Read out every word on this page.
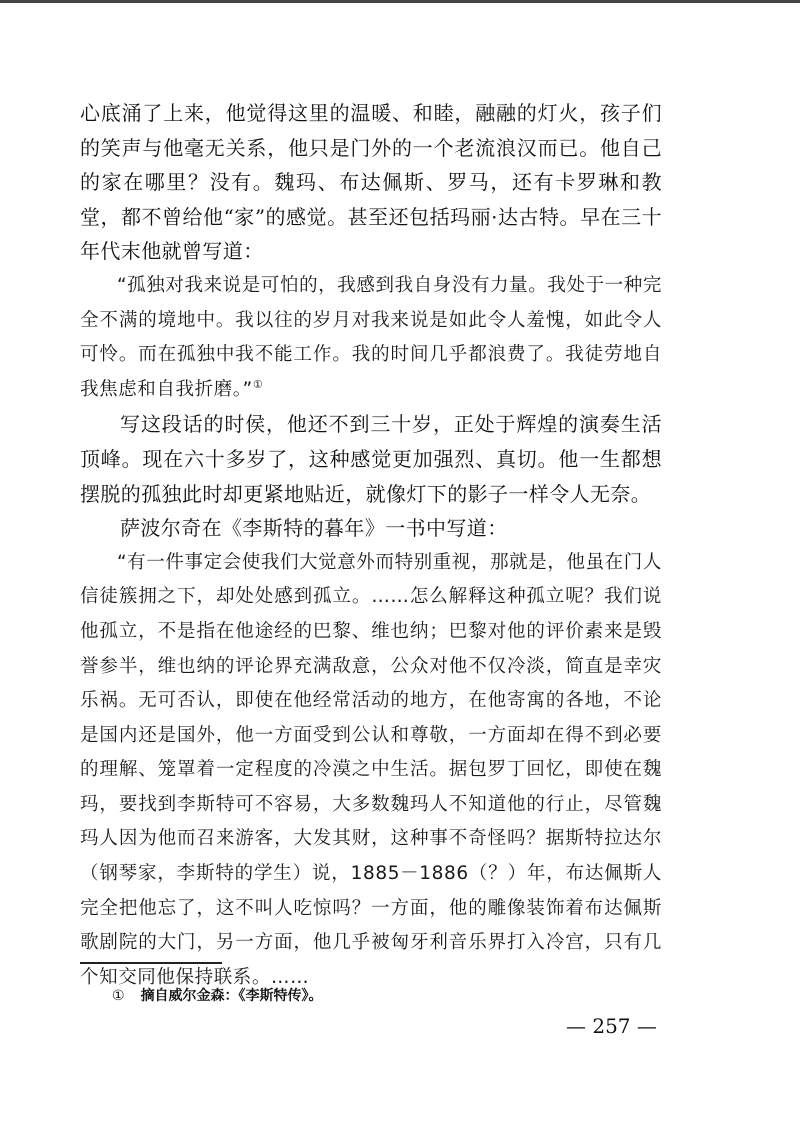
心底涌了上来，他觉得这里的温暖、和睦，融融的灯火，孩子们的笑声与他毫无关系，他只是门外的一个老流浪汉而已。他自己的家在哪里？没有。魏玛、布达佩斯、罗马，还有卡罗琳和教堂，都不曾给他“家”的感觉。甚至还包括玛丽·达古特。早在三十年代末他就曾写道：

“孤独对我来说是可怕的，我感到我自身没有力量。我处于一种完全不满的境地中。我以往的岁月对我来说是如此令人羞愧，如此令人可怜。而在孤独中我不能工作。我的时间几乎都浪费了。我徒劳地自我焦虑和自我折磨。”①

写这段话的时侯，他还不到三十岁，正处于辉煌的演奏生活顶峰。现在六十多岁了，这种感觉更加强烈、真切。他一生都想摆脱的孤独此时却更紧地贴近，就像灯下的影子一样令人无奈。

萨波尔奇在《李斯特的暮年》一书中写道：

“有一件事定会使我们大觉意外而特别重视，那就是，他虽在门人信徒簇拥之下，却处处感到孤立。……怎么解释这种孤立呢？我们说他孤立，不是指在他途经的巴黎、维也纳；巴黎对他的评价素来是毁誉参半，维也纳的评论界充满敌意，公众对他不仅冷淡，简直是幸灾乐祸。无可否认，即使在他经常活动的地方，在他寄寓的各地，不论是国内还是国外，他一方面受到公认和尊敬，一方面却在得不到必要的理解、笼罩着一定程度的冷漠之中生活。据包罗丁回忆，即使在魏玛，要找到李斯特可不容易，大多数魏玛人不知道他的行止，尽管魏玛人因为他而召来游客，大发其财，这种事不奇怪吗？据斯特拉达尔（钢琴家，李斯特的学生）说，1885－1886（？）年，布达佩斯人完全把他忘了，这不叫人吃惊吗？一方面，他的雕像装饰着布达佩斯歌剧院的大门，另一方面，他几乎被匈牙利音乐界打入冷宫，只有几个知交同他保持联系。……

① 摘自威尔金森：《李斯特传》。
— 257 —
